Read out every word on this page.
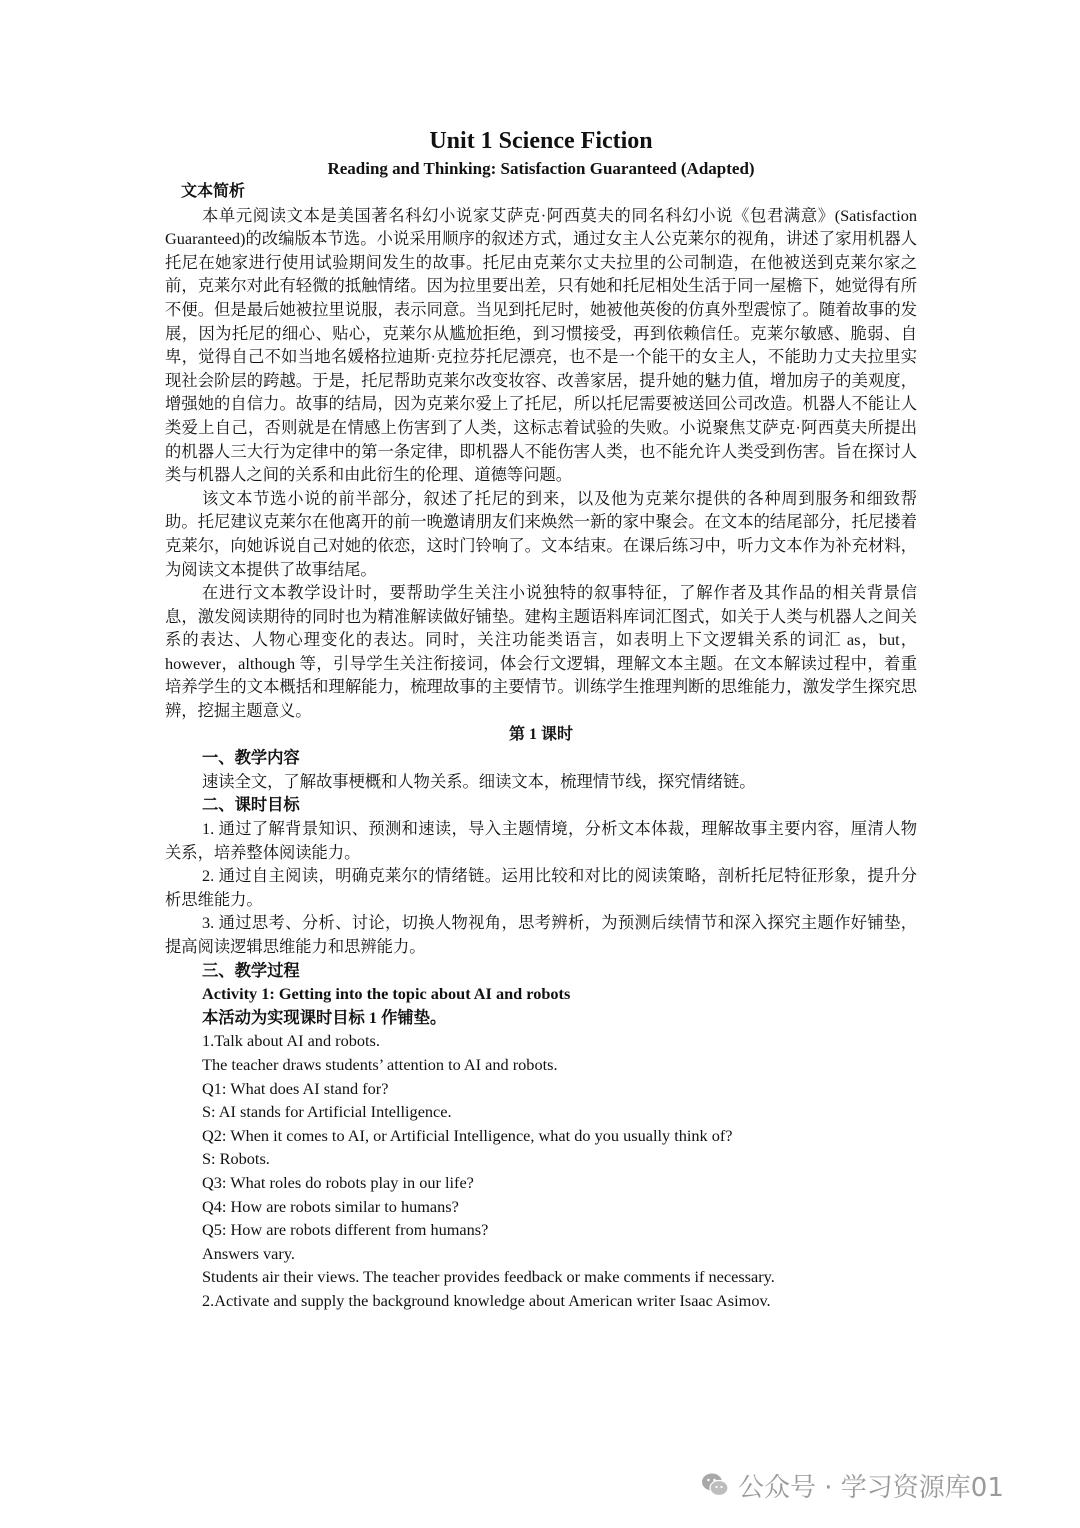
Unit 1 Science Fiction

Reading and Thinking: Satisfaction Guaranteed (Adapted)

文本简析

本单元阅读文本是美国著名科幻小说家艾萨克·阿西莫夫的同名科幻小说《包君满意》(Satisfaction Guaranteed)的改编版本节选。小说采用顺序的叙述方式，通过女主人公克莱尔的视角，讲述了家用机器人托尼在她家进行使用试验期间发生的故事。托尼由克莱尔丈夫拉里的公司制造，在他被送到克莱尔家之前，克莱尔对此有轻微的抵触情绪。因为拉里要出差，只有她和托尼相处生活于同一屋檐下，她觉得有所不便。但是最后她被拉里说服，表示同意。当见到托尼时，她被他英俊的仿真外型震惊了。随着故事的发展，因为托尼的细心、贴心，克莱尔从尴尬拒绝，到习惯接受，再到依赖信任。克莱尔敏感、脆弱、自卑，觉得自己不如当地名媛格拉迪斯·克拉芬托尼漂亮，也不是一个能干的女主人，不能助力丈夫拉里实现社会阶层的跨越。于是，托尼帮助克莱尔改变妆容、改善家居，提升她的魅力值，增加房子的美观度，增强她的自信力。故事的结局，因为克莱尔爱上了托尼，所以托尼需要被送回公司改造。机器人不能让人类爱上自己，否则就是在情感上伤害到了人类，这标志着试验的失败。小说聚焦艾萨克·阿西莫夫所提出的机器人三大行为定律中的第一条定律，即机器人不能伤害人类，也不能允许人类受到伤害。旨在探讨人类与机器人之间的关系和由此衍生的伦理、道德等问题。

该文本节选小说的前半部分，叙述了托尼的到来，以及他为克莱尔提供的各种周到服务和细致帮助。托尼建议克莱尔在他离开的前一晚邀请朋友们来焕然一新的家中聚会。在文本的结尾部分，托尼搂着克莱尔，向她诉说自己对她的依恋，这时门铃响了。文本结束。在课后练习中，听力文本作为补充材料，为阅读文本提供了故事结尾。

在进行文本教学设计时，要帮助学生关注小说独特的叙事特征，了解作者及其作品的相关背景信息，激发阅读期待的同时也为精准解读做好铺垫。建构主题语料库词汇图式，如关于人类与机器人之间关系的表达、人物心理变化的表达。同时，关注功能类语言，如表明上下文逻辑关系的词汇 as，but，however，although 等，引导学生关注衔接词，体会行文逻辑，理解文本主题。在文本解读过程中，着重培养学生的文本概括和理解能力，梳理故事的主要情节。训练学生推理判断的思维能力，激发学生探究思辨，挖掘主题意义。

第 1 课时

一、教学内容

速读全文，了解故事梗概和人物关系。细读文本，梳理情节线，探究情绪链。

二、课时目标

1. 通过了解背景知识、预测和速读，导入主题情境，分析文本体裁，理解故事主要内容，厘清人物关系，培养整体阅读能力。

2. 通过自主阅读，明确克莱尔的情绪链。运用比较和对比的阅读策略，剖析托尼特征形象，提升分析思维能力。

3. 通过思考、分析、讨论，切换人物视角，思考辨析，为预测后续情节和深入探究主题作好铺垫，提高阅读逻辑思维能力和思辨能力。

三、教学过程

Activity 1: Getting into the topic about AI and robots

本活动为实现课时目标 1 作铺垫。

1.Talk about AI and robots.

The teacher draws students’ attention to AI and robots.

Q1: What does AI stand for?

S: AI stands for Artificial Intelligence.

Q2: When it comes to AI, or Artificial Intelligence, what do you usually think of?

S: Robots.

Q3: What roles do robots play in our life?

Q4: How are robots similar to humans?

Q5: How are robots different from humans?

Answers vary.

Students air their views. The teacher provides feedback or make comments if necessary.

2.Activate and supply the background knowledge about American writer Isaac Asimov.

公众号 · 学习资源库01
